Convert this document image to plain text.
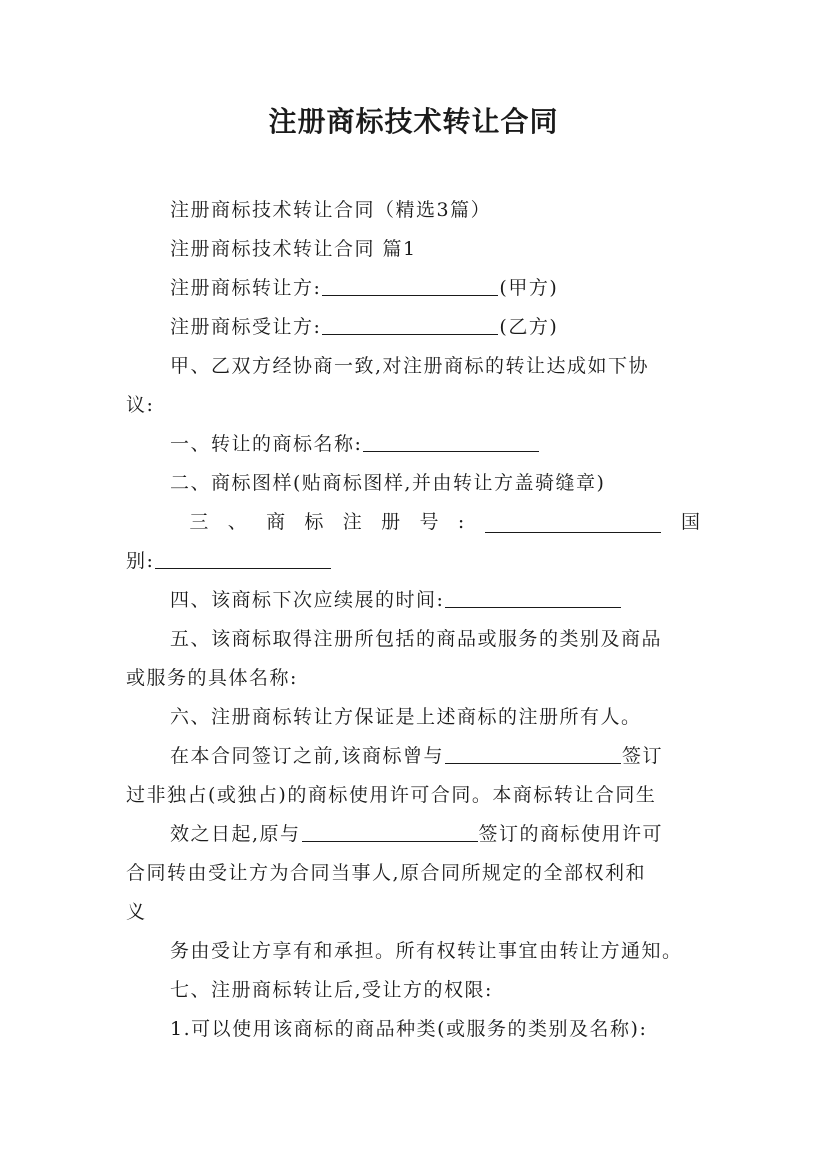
注册商标技术转让合同
注册商标技术转让合同（精选3篇）
注册商标技术转让合同 篇1
注册商标转让方:	(甲方)
注册商标受让方:	(乙方)
甲、乙双方经协商一致,对注册商标的转让达成如下协
议:
一、转让的商标名称:
二、商标图样(贴商标图样,并由转让方盖骑缝章)
三 、 商 标 注 册 号 :	国
别:
四、该商标下次应续展的时间:
五、该商标取得注册所包括的商品或服务的类别及商品
或服务的具体名称:
六、注册商标转让方保证是上述商标的注册所有人。
在本合同签订之前,该商标曾与	签订
过非独占(或独占)的商标使用许可合同。本商标转让合同生
效之日起,原与	签订的商标使用许可
合同转由受让方为合同当事人,原合同所规定的全部权利和
义
务由受让方享有和承担。所有权转让事宜由转让方通知。
七、注册商标转让后,受让方的权限:
1.可以使用该商标的商品种类(或服务的类别及名称):
